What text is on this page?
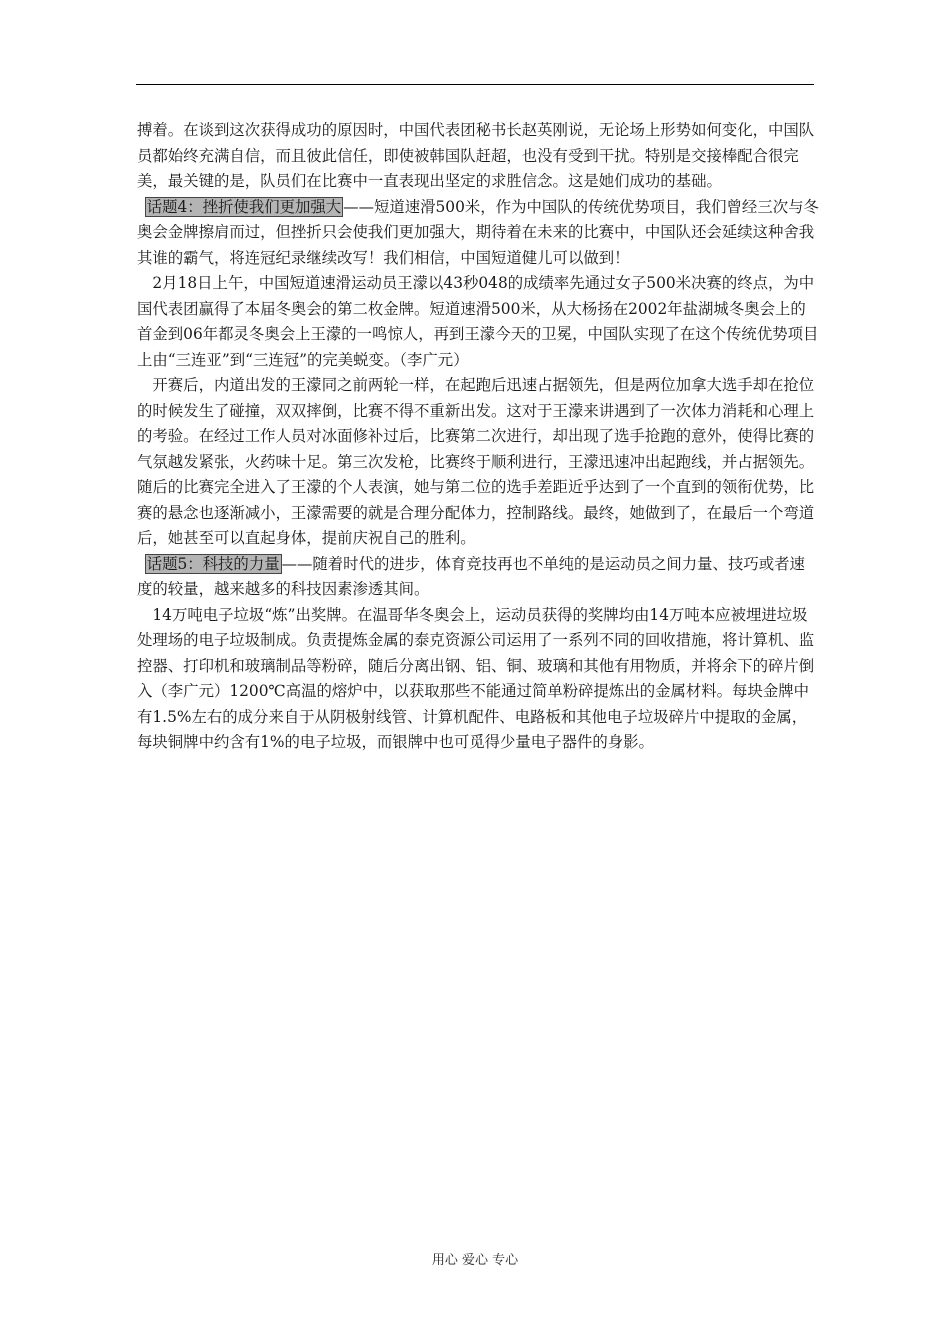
搏着。在谈到这次获得成功的原因时，中国代表团秘书长赵英刚说，无论场上形势如何变化，中国队员都始终充满自信，而且彼此信任，即使被韩国队赶超，也没有受到干扰。特别是交接棒配合很完美，最关键的是，队员们在比赛中一直表现出坚定的求胜信念。这是她们成功的基础。

话题4：挫折使我们更加强大 ——短道速滑500米，作为中国队的传统优势项目，我们曾经三次与冬奥会金牌擦肩而过，但挫折只会使我们更加强大，期待着在未来的比赛中，中国队还会延续这种舍我其谁的霸气，将连冠纪录继续改写！我们相信，中国短道健儿可以做到！

2月18日上午，中国短道速滑运动员王濛以43秒048的成绩率先通过女子500米决赛的终点，为中国代表团赢得了本届冬奥会的第二枚金牌。短道速滑500米，从大杨扬在2002年盐湖城冬奥会上的首金到06年都灵冬奥会上王濛的一鸣惊人，再到王濛今天的卫冕，中国队实现了在这个传统优势项目上由“三连亚”到“三连冠”的完美蜕变。（李广元）

开赛后，内道出发的王濛同之前两轮一样，在起跑后迅速占据领先，但是两位加拿大选手却在抢位的时候发生了碰撞，双双摔倒，比赛不得不重新出发。这对于王濛来讲遇到了一次体力消耗和心理上的考验。在经过工作人员对冰面修补过后，比赛第二次进行，却出现了选手抢跑的意外，使得比赛的气氛越发紧张，火药味十足。第三次发枪，比赛终于顺利进行，王濛迅速冲出起跑线，并占据领先。随后的比赛完全进入了王濛的个人表演，她与第二位的选手差距近乎达到了一个直到的领衔优势，比赛的悬念也逐渐减小，王濛需要的就是合理分配体力，控制路线。最终，她做到了，在最后一个弯道后，她甚至可以直起身体，提前庆祝自己的胜利。

话题5：科技的力量 ——随着时代的进步，体育竞技再也不单纯的是运动员之间力量、技巧或者速度的较量，越来越多的科技因素渗透其间。

14万吨电子垃圾“炼”出奖牌。在温哥华冬奥会上，运动员获得的奖牌均由14万吨本应被埋进垃圾处理场的电子垃圾制成。负责提炼金属的泰克资源公司运用了一系列不同的回收措施，将计算机、监控器、打印机和玻璃制品等粉碎，随后分离出钢、铝、铜、玻璃和其他有用物质，并将余下的碎片倒入（李广元）1200℃高温的熔炉中，以获取那些不能通过简单粉碎提炼出的金属材料。每块金牌中有1.5%左右的成分来自于从阴极射线管、计算机配件、电路板和其他电子垃圾碎片中提取的金属，每块铜牌中约含有1%的电子垃圾，而银牌中也可觅得少量电子器件的身影。

用心 爱心 专心
